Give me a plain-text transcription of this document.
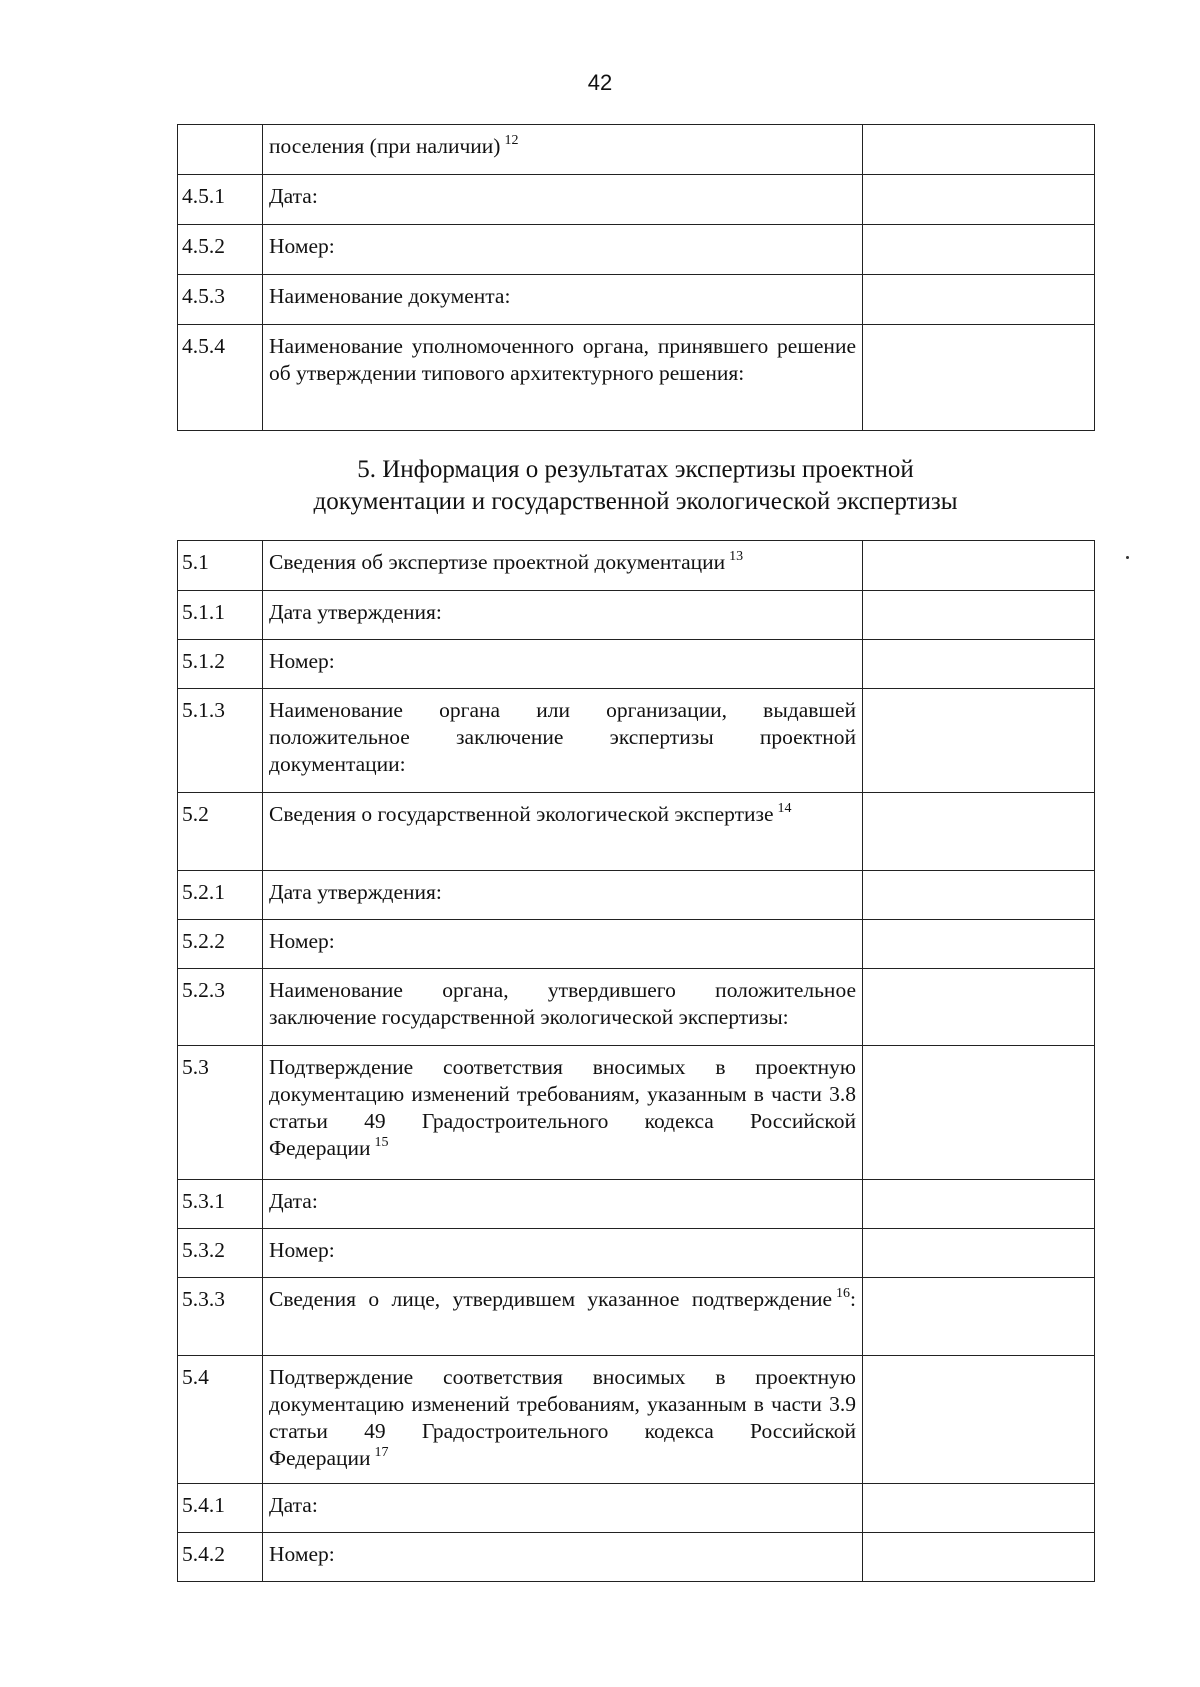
42
	поселения (при наличии) $^{12}$	
4.5.1	Дата:	
4.5.2	Номер:	
4.5.3	Наименование документа:	
4.5.4	Наименование уполномоченного органа, принявшего решение об утверждении типового архитектурного решения:	
5. Информация о результатах экспертизы проектной
документации и государственной экологической экспертизы
5.1	Сведения об экспертизе проектной документации $^{13}$	
5.1.1	Дата утверждения:	
5.1.2	Номер:	
5.1.3	Наименование органа или организации, выдавшей положительное заключение экспертизы проектной документации:	
5.2	Сведения о государственной экологической экспертизе $^{14}$	
5.2.1	Дата утверждения:	
5.2.2	Номер:	
5.2.3	Наименование органа, утвердившего положительное заключение государственной экологической экспертизы:	
5.3	Подтверждение соответствия вносимых в проектную документацию изменений требованиям, указанным в части 3.8 статьи 49 Градостроительного кодекса Российской Федерации $^{15}$	
5.3.1	Дата:	
5.3.2	Номер:	
5.3.3	Сведения о лице, утвердившем указанное подтверждение $^{16}$:	
5.4	Подтверждение соответствия вносимых в проектную документацию изменений требованиям, указанным в части 3.9 статьи 49 Градостроительного кодекса Российской Федерации $^{17}$	
5.4.1	Дата:	
5.4.2	Номер:	
